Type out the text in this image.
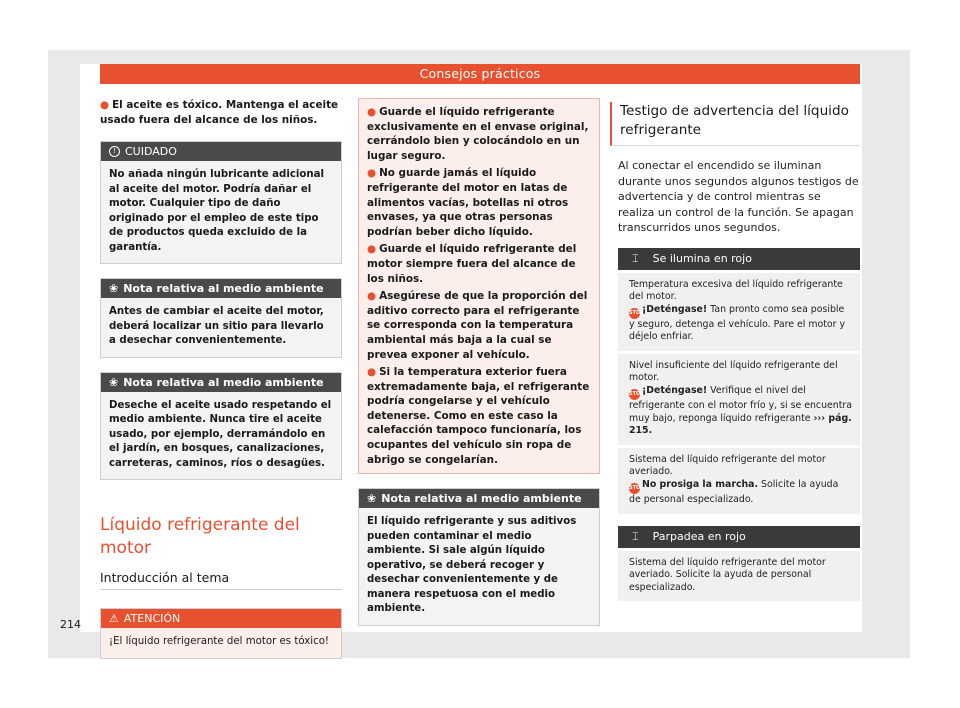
Consejos prácticos
● El aceite es tóxico. Mantenga el aceite usado fuera del alcance de los niños.
! CUIDADO
No añada ningún lubricante adicional al aceite del motor. Podría dañar el motor. Cualquier tipo de daño originado por el empleo de este tipo de productos queda excluido de la garantía.
❀ Nota relativa al medio ambiente
Antes de cambiar el aceite del motor, deberá localizar un sitio para llevarlo a desechar convenientemente.
❀ Nota relativa al medio ambiente
Deseche el aceite usado respetando el medio ambiente. Nunca tire el aceite usado, por ejemplo, derramándolo en el jardín, en bosques, canalizaciones, carreteras, caminos, ríos o desagües.
Líquido refrigerante del motor
Introducción al tema
⚠ ATENCIÓN
¡El líquido refrigerante del motor es tóxico!
● Guarde el líquido refrigerante exclusivamente en el envase original, cerrándolo bien y colocándolo en un lugar seguro.
● No guarde jamás el líquido refrigerante del motor en latas de alimentos vacías, botellas ni otros envases, ya que otras personas podrían beber dicho líquido.
● Guarde el líquido refrigerante del motor siempre fuera del alcance de los niños.
● Asegúrese de que la proporción del aditivo correcto para el refrigerante se corresponda con la temperatura ambiental más baja a la cual se prevea exponer al vehículo.
● Si la temperatura exterior fuera extremadamente baja, el refrigerante podría congelarse y el vehículo detenerse. Como en este caso la calefacción tampoco funcionaría, los ocupantes del vehículo sin ropa de abrigo se congelarían.
❀ Nota relativa al medio ambiente
El líquido refrigerante y sus aditivos pueden contaminar el medio ambiente. Si sale algún líquido operativo, se deberá recoger y desechar convenientemente y de manera respetuosa con el medio ambiente.
Testigo de advertencia del líquido refrigerante
Al conectar el encendido se iluminan durante unos segundos algunos testigos de advertencia y de control mientras se realiza un control de la función. Se apagan transcurridos unos segundos.
⌶ Se ilumina en rojo
Temperatura excesiva del líquido refrigerante del motor.
STOP¡Deténgase! Tan pronto como sea posible y seguro, detenga el vehículo. Pare el motor y déjelo enfriar.
Nivel insuficiente del líquido refrigerante del motor.
STOP¡Deténgase! Verifique el nivel del refrigerante con el motor frío y, si se encuentra muy bajo, reponga líquido refrigerante ››› pág. 215.
Sistema del líquido refrigerante del motor averiado.
STOPNo prosiga la marcha. Solicite la ayuda de personal especializado.
⌶ Parpadea en rojo
Sistema del líquido refrigerante del motor averiado. Solicite la ayuda de personal especializado.
214
